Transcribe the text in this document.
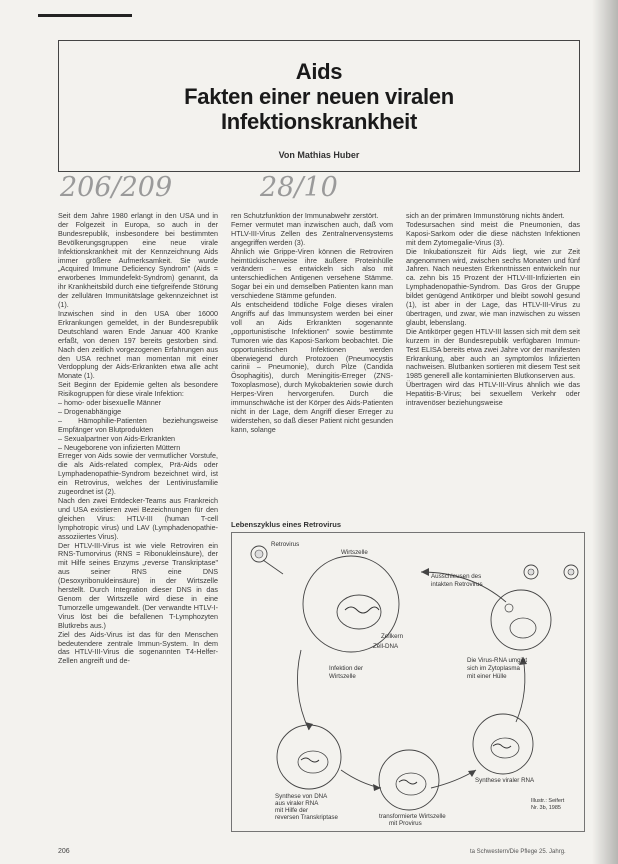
Aids
Fakten einer neuen viralen
Infektionskrankheit
Von Mathias Huber
206/209	28/10

Seit dem Jahre 1980 erlangt in den USA und in der Folgezeit in Europa, so auch in der Bundesrepublik, insbesondere bei bestimmten Bevölkerungsgruppen eine neue virale Infektionskrankheit mit der Kennzeichnung Aids immer größere Aufmerksamkeit. Sie wurde „Acquired Immune Deficiency Syndrom" (Aids = erworbenes Immundefekt-Syndrom) genannt, da ihr Krankheitsbild durch eine tiefgreifende Störung der zellulären Immunitätslage gekennzeichnet ist (1).
Inzwischen sind in den USA über 16000 Erkrankungen gemeldet, in der Bundesrepublik Deutschland waren Ende Januar 400 Kranke erfaßt, von denen 197 bereits gestorben sind. Nach den zeitlich vorgezogenen Erfahrungen aus den USA rechnet man momentan mit einer Verdopplung der Aids-Erkrankten etwa alle acht Monate (1).
Seit Beginn der Epidemie gelten als besondere Risikogruppen für diese virale Infektion:
– homo- oder bisexuelle Männer
– Drogenabhängige
– Hämophilie-Patienten beziehungsweise Empfänger von Blutprodukten
– Sexualpartner von Aids-Erkrankten
– Neugeborene von infizierten Müttern
Erreger von Aids sowie der vermutlicher Vorstufe, die als Aids-related complex, Prä-Aids oder Lymphadenopathie-Syndrom bezeichnet wird, ist ein Retrovirus, welches der Lentivirusfamilie zugeordnet ist (2).
Nach den zwei Entdecker-Teams aus Frankreich und USA existieren zwei Bezeichnungen für den gleichen Virus: HTLV-III (human T-cell lymphotropic virus) und LAV (Lymphadenopathie-assoziiertes Virus).
Der HTLV-III-Virus ist wie viele Retroviren ein RNS-Tumorvirus (RNS = Ribonukleinsäure), der mit Hilfe seines Enzyms „reverse Transkriptase" aus seiner RNS eine DNS (Desoxyribonukleinsäure) in der Wirtszelle herstellt. Durch Integration dieser DNS in das Genom der Wirtszelle wird diese in eine Tumorzelle umgewandelt. (Der verwandte HTLV-I-Virus löst bei die befallenen T-Lymphozyten Blutkrebs aus.)
Ziel des Aids-Virus ist das für den Menschen bedeutendere zentrale Immun-System. In dem das HTLV-III-Virus die sogenannten T4-Helfer-Zellen angreift und de-

ren Schutzfunktion der Immunabwehr zerstört.
Ferner vermutet man inzwischen auch, daß vom HTLV-III-Virus Zellen des Zentralnervensystems angegriffen werden (3).
Ähnlich wie Grippe-Viren können die Retroviren heimtückischerweise ihre äußere Proteinhülle verändern – es entwickeln sich also mit unterschiedlichen Antigenen versehene Stämme. Sogar bei ein und demselben Patienten kann man verschiedene Stämme gefunden.
Als entscheidend tödliche Folge dieses viralen Angriffs auf das Immunsystem werden bei einer voll an Aids Erkrankten sogenannte „opportunistische Infektionen" sowie bestimmte Tumoren wie das Kaposi-Sarkom beobachtet. Die opportunistischen Infektionen werden überwiegend durch Protozoen (Pneumocystis carinii – Pneumonie), durch Pilze (Candida Ösophagitis), durch Meningitis-Erreger (ZNS-Toxoplasmose), durch Mykobakterien sowie durch Herpes-Viren hervorgerufen. Durch die immunschwäche ist der Körper des Aids-Patienten nicht in der Lage, dem Angriff dieser Erreger zu widerstehen, so daß dieser Patient nicht gesunden kann, solange

sich an der primären Immunstörung nichts ändert.
Todesursachen sind meist die Pneumonien, das Kaposi-Sarkom oder die diese nächsten Infektionen mit dem Zytomegalie-Virus (3).
Die Inkubationszeit für Aids liegt, wie zur Zeit angenommen wird, zwischen sechs Monaten und fünf Jahren. Nach neuesten Erkenntnissen entwickeln nur ca. zehn bis 15 Prozent der HTLV-III-Infizierten ein Lymphadenopathie-Syndrom. Das Gros der Gruppe bildet genügend Antikörper und bleibt sowohl gesund (1), ist aber in der Lage, das HTLV-III-Virus zu übertragen, und zwar, wie man inzwischen zu wissen glaubt, lebenslang.
Die Antikörper gegen HTLV-III lassen sich mit dem seit kurzem in der Bundesrepublik verfügbaren Immun-Test ELISA bereits etwa zwei Jahre vor der manifesten Erkrankung, aber auch an symptomlos Infizierten nachweisen. Blutbanken sortieren mit diesem Test seit 1985 generell alle kontaminierten Blutkonserven aus.
Übertragen wird das HTLV-III-Virus ähnlich wie das Hepatitis-B-Virus; bei sexuellem Verkehr oder intravenöser beziehungsweise

Lebenszyklus eines Retrovirus
Retrovirus
Wirtszelle
Zellkern
Zell-DNA
Infektion der
Wirtszelle
Ausschleusen des
intakten Retrovirus
Die Virus-RNA umgibt
sich im Zytoplasma
mit einer Hülle
Synthese von DNA
aus viraler RNA
mit Hilfe der
reversen Transkriptase	transformierte Wirtszelle
mit Provirus
Synthese viraler RNA
Illustr.: Seifert
Nr. 3b, 1985
206	ta Schwestern/Die Pflege 25. Jahrg.
